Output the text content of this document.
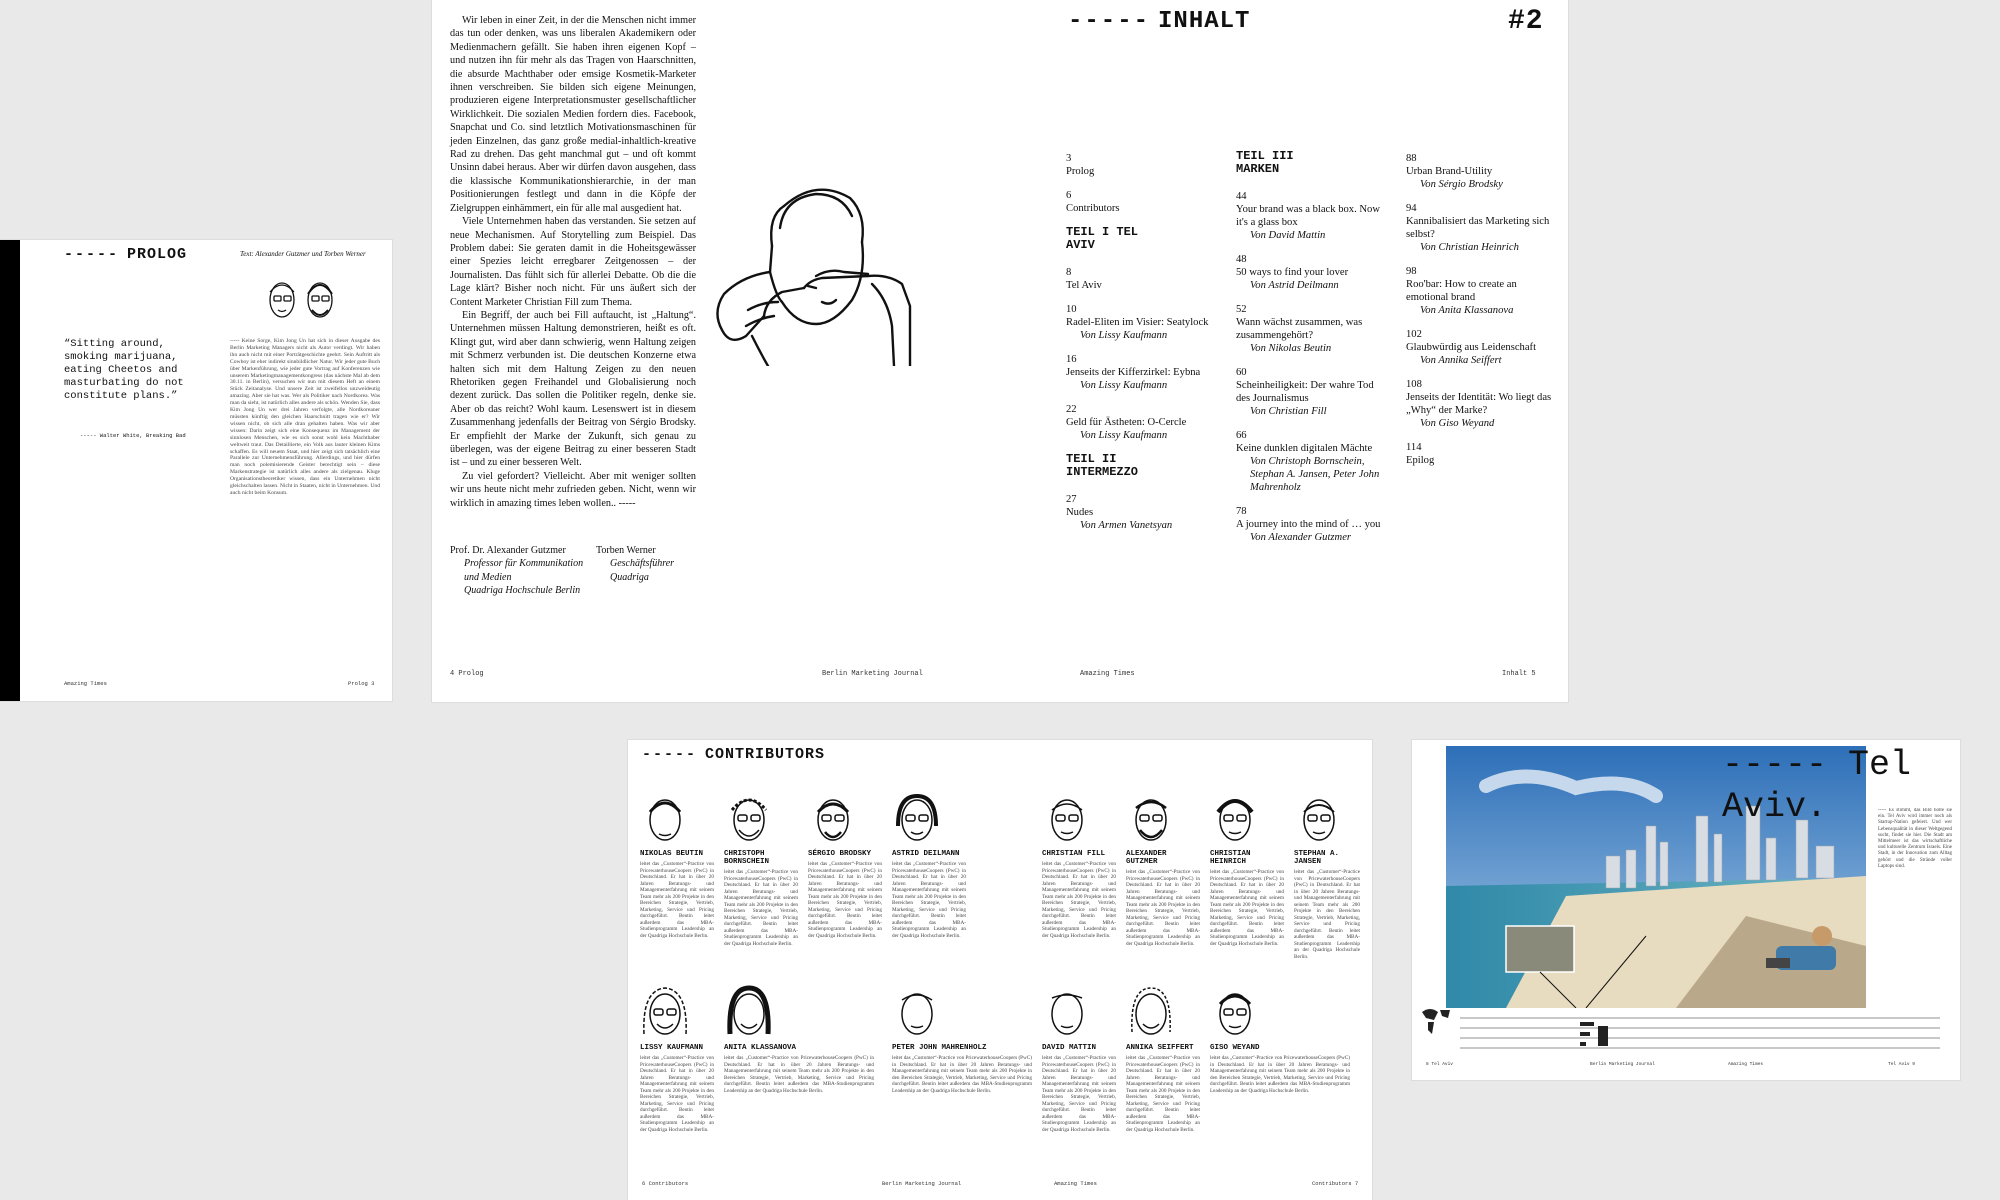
----- PROLOG	Text: Alexander Gutzmer und Torben Werner
“Sitting around, smoking marijuana, eating Cheetos and masturbating do not constitute plans.”
----- Walter White, Breaking Bad
----- Keine Sorge, Kim Jong Un hat sich in dieser Ausgabe des Berlin Marketing Managers nicht als Autor verdingt. Wir haben ihn auch nicht mit einer Porträtgeschichte geehrt. Sein Auftritt als Cowboy ist eher indirekt sinnbildlicher Natur. Wir jeder gute Buch über Markenführung, wie jeder gute Vortrag auf Konferenzen wie unserem Marketingmanagementkongress (das nächste Mal ab dem 30.11. in Berlin), versuchen wir nun mit diesem Heft an einem Stück Zeitanalyse. Und unsere Zeit ist zweifellos unzweideutig amazing. Aber sie hat was. Wer als Politiker nach Nordkorea. Was man da sieht, ist natürlich alles andere als schön. Wenden Sie, dass Kim Jong Un wer drei Jahren verfolgte, alle Nordkoreaner müssten künftig den gleichen Haarschnitt tragen wie er? Wir wissen nicht, ob sich alle dran gehalten haben. Was wir aber wissen: Darin zeigt sich eine Konsequenz im Management der sinnlosen Menschen, wie es sich sonst wohl kein Machthaber weltweit traut. Das Detaillierte, ein Volk aus lauter kleinen Kims schaffen. Es will neuem Staat, und hier zeigt sich tatsächlich eine Parallele zur Unternehmensführung. Allerdings, und hier dürfen man noch polemisierende Geister berechtigt sein – diese Markenstrategie ist natürlich alles andere als zielgenau. Kluge Organisationstheoretiker wissen, dass ein Unternehmen nicht gleichschalten lassen. Nicht in Staaten, nicht in Unternehmen. Und auch nicht beim Konsum.
Amazing Times	Prolog 3

Wir leben in einer Zeit, in der die Menschen nicht immer das tun oder denken, was uns liberalen Akademikern oder Medienmachern gefällt. Sie haben ihren eigenen Kopf – und nutzen ihn für mehr als das Tragen von Haarschnitten, die absurde Machthaber oder emsige Kosmetik-Marketer ihnen verschreiben. Sie bilden sich eigene Meinungen, produzieren eigene Interpretationsmuster gesellschaftlicher Wirklichkeit. Die sozialen Medien fordern dies. Facebook, Snapchat und Co. sind letztlich Motivationsmaschinen für jeden Einzelnen, das ganz große medial-inhaltlich-kreative Rad zu drehen. Das geht manchmal gut – und oft kommt Unsinn dabei heraus. Aber wir dürfen davon ausgehen, dass die klassische Kommunikationshierarchie, in der man Positionierungen festlegt und dann in die Köpfe der Zielgruppen einhämmert, ein für alle mal ausgedient hat.

Viele Unternehmen haben das verstanden. Sie setzen auf neue Mechanismen. Auf Storytelling zum Beispiel. Das Problem dabei: Sie geraten damit in die Hoheitsgewässer einer Spezies leicht erregbarer Zeitgenossen – der Journalisten. Das fühlt sich für allerlei Debatte. Ob die die Lage klärt? Bisher noch nicht. Für uns äußert sich der Content Marketer Christian Fill zum Thema.

Ein Begriff, der auch bei Fill auftaucht, ist „Haltung“. Unternehmen müssen Haltung demonstrieren, heißt es oft. Klingt gut, wird aber dann schwierig, wenn Haltung zeigen mit Schmerz verbunden ist. Die deutschen Konzerne etwa halten sich mit dem Haltung Zeigen zu den neuen Rhetoriken gegen Freihandel und Globalisierung noch dezent zurück. Das sollen die Politiker regeln, denke sie. Aber ob das reicht? Wohl kaum. Lesenswert ist in diesem Zusammenhang jedenfalls der Beitrag von Sérgio Brodsky. Er empfiehlt der Marke der Zukunft, sich genau zu überlegen, was der eigene Beitrag zu einer besseren Stadt ist – und zu einer besseren Welt.

Zu viel gefordert? Vielleicht. Aber mit weniger sollten wir uns heute nicht mehr zufrieden geben. Nicht, wenn wir wirklich in amazing times leben wollen.. -----

Prof. Dr. Alexander Gutzmer
Professor für Kommunikation und Medien
Quadriga Hochschule Berlin
Torben Werner
Geschäftsführer
Quadriga
4 Prolog	Berlin Marketing Journal
----- INHALT	#2
3
Prolog
6
Contributors
TEIL I TEL AVIV
8
Tel Aviv
10
Radel-Eliten im Visier: Seatylock
Von Lissy Kaufmann
16
Jenseits der Kifferzirkel: Eybna
Von Lissy Kaufmann
22
Geld für Ästheten: O-Cercle
Von Lissy Kaufmann
TEIL II INTERMEZZO
27
Nudes
Von Armen Vanetsyan
TEIL III MARKEN
44
Your brand was a black box. Now it's a glass box
Von David Mattin
48
50 ways to find your lover
Von Astrid Deilmann
52
Wann wächst zusammen, was zusammengehört?
Von Nikolas Beutin
60
Scheinheiligkeit: Der wahre Tod des Journalismus
Von Christian Fill
66
Keine dunklen digitalen Mächte
Von Christoph Bornschein, Stephan A. Jansen, Peter John Mahrenholz
78
A journey into the mind of … you
Von Alexander Gutzmer
88
Urban Brand-Utility
Von Sérgio Brodsky
94
Kannibalisiert das Marketing sich selbst?
Von Christian Heinrich
98
Roo'bar: How to create an emotional brand
Von Anita Klassanova
102
Glaubwürdig aus Leidenschaft
Von Annika Seiffert
108
Jenseits der Identität: Wo liegt das „Why“ der Marke?
Von Giso Weyand
114
Epilog
Amazing Times	Inhalt 5
----- CONTRIBUTORS
NIKOLAS BEUTIN
leitet das „Customer“-Practice von PricewaterhouseCoopers (PwC) in Deutschland. Er hat in über 20 Jahren Beratungs- und Managementerfahrung mit seinem Team mehr als 200 Projekte in den Bereichen Strategie, Vertrieb, Marketing, Service und Pricing durchgeführt. Beutin leitet außerdem das MBA-Studienprogramm Leadership an der Quadriga Hochschule Berlin.
CHRISTOPH BORNSCHEIN
leitet das „Customer“-Practice von PricewaterhouseCoopers (PwC) in Deutschland. Er hat in über 20 Jahren Beratungs- und Managementerfahrung mit seinem Team mehr als 200 Projekte in den Bereichen Strategie, Vertrieb, Marketing, Service und Pricing durchgeführt. Beutin leitet außerdem das MBA-Studienprogramm Leadership an der Quadriga Hochschule Berlin.
SÉRGIO BRODSKY
leitet das „Customer“-Practice von PricewaterhouseCoopers (PwC) in Deutschland. Er hat in über 20 Jahren Beratungs- und Managementerfahrung mit seinem Team mehr als 200 Projekte in den Bereichen Strategie, Vertrieb, Marketing, Service und Pricing durchgeführt. Beutin leitet außerdem das MBA-Studienprogramm Leadership an der Quadriga Hochschule Berlin.
ASTRID DEILMANN
leitet das „Customer“-Practice von PricewaterhouseCoopers (PwC) in Deutschland. Er hat in über 20 Jahren Beratungs- und Managementerfahrung mit seinem Team mehr als 200 Projekte in den Bereichen Strategie, Vertrieb, Marketing, Service und Pricing durchgeführt. Beutin leitet außerdem das MBA-Studienprogramm Leadership an der Quadriga Hochschule Berlin.
CHRISTIAN FILL
leitet das „Customer“-Practice von PricewaterhouseCoopers (PwC) in Deutschland. Er hat in über 20 Jahren Beratungs- und Managementerfahrung mit seinem Team mehr als 200 Projekte in den Bereichen Strategie, Vertrieb, Marketing, Service und Pricing durchgeführt. Beutin leitet außerdem das MBA-Studienprogramm Leadership an der Quadriga Hochschule Berlin.
ALEXANDER GUTZMER
leitet das „Customer“-Practice von PricewaterhouseCoopers (PwC) in Deutschland. Er hat in über 20 Jahren Beratungs- und Managementerfahrung mit seinem Team mehr als 200 Projekte in den Bereichen Strategie, Vertrieb, Marketing, Service und Pricing durchgeführt. Beutin leitet außerdem das MBA-Studienprogramm Leadership an der Quadriga Hochschule Berlin.
CHRISTIAN HEINRICH
leitet das „Customer“-Practice von PricewaterhouseCoopers (PwC) in Deutschland. Er hat in über 20 Jahren Beratungs- und Managementerfahrung mit seinem Team mehr als 200 Projekte in den Bereichen Strategie, Vertrieb, Marketing, Service und Pricing durchgeführt. Beutin leitet außerdem das MBA-Studienprogramm Leadership an der Quadriga Hochschule Berlin.
STEPHAN A. JANSEN
leitet das „Customer“-Practice von PricewaterhouseCoopers (PwC) in Deutschland. Er hat in über 20 Jahren Beratungs- und Managementerfahrung mit seinem Team mehr als 200 Projekte in den Bereichen Strategie, Vertrieb, Marketing, Service und Pricing durchgeführt. Beutin leitet außerdem das MBA-Studienprogramm Leadership an der Quadriga Hochschule Berlin.
LISSY KAUFMANN
leitet das „Customer“-Practice von PricewaterhouseCoopers (PwC) in Deutschland. Er hat in über 20 Jahren Beratungs- und Managementerfahrung mit seinem Team mehr als 200 Projekte in den Bereichen Strategie, Vertrieb, Marketing, Service und Pricing durchgeführt. Beutin leitet außerdem das MBA-Studienprogramm Leadership an der Quadriga Hochschule Berlin.
ANITA KLASSANOVA
leitet das „Customer“-Practice von PricewaterhouseCoopers (PwC) in Deutschland. Er hat in über 20 Jahren Beratungs- und Managementerfahrung mit seinem Team mehr als 200 Projekte in den Bereichen Strategie, Vertrieb, Marketing, Service und Pricing durchgeführt. Beutin leitet außerdem das MBA-Studienprogramm Leadership an der Quadriga Hochschule Berlin.
PETER JOHN MAHRENHOLZ
leitet das „Customer“-Practice von PricewaterhouseCoopers (PwC) in Deutschland. Er hat in über 20 Jahren Beratungs- und Managementerfahrung mit seinem Team mehr als 200 Projekte in den Bereichen Strategie, Vertrieb, Marketing, Service und Pricing durchgeführt. Beutin leitet außerdem das MBA-Studienprogramm Leadership an der Quadriga Hochschule Berlin.
DAVID MATTIN
leitet das „Customer“-Practice von PricewaterhouseCoopers (PwC) in Deutschland. Er hat in über 20 Jahren Beratungs- und Managementerfahrung mit seinem Team mehr als 200 Projekte in den Bereichen Strategie, Vertrieb, Marketing, Service und Pricing durchgeführt. Beutin leitet außerdem das MBA-Studienprogramm Leadership an der Quadriga Hochschule Berlin.
ANNIKA SEIFFERT
leitet das „Customer“-Practice von PricewaterhouseCoopers (PwC) in Deutschland. Er hat in über 20 Jahren Beratungs- und Managementerfahrung mit seinem Team mehr als 200 Projekte in den Bereichen Strategie, Vertrieb, Marketing, Service und Pricing durchgeführt. Beutin leitet außerdem das MBA-Studienprogramm Leadership an der Quadriga Hochschule Berlin.
GISO WEYAND
leitet das „Customer“-Practice von PricewaterhouseCoopers (PwC) in Deutschland. Er hat in über 20 Jahren Beratungs- und Managementerfahrung mit seinem Team mehr als 200 Projekte in den Bereichen Strategie, Vertrieb, Marketing, Service und Pricing durchgeführt. Beutin leitet außerdem das MBA-Studienprogramm Leadership an der Quadriga Hochschule Berlin.
6 Contributors	Berlin Marketing Journal	Amazing Times	Contributors 7
----- Tel Aviv.	----- Es stimmt, das Bild holte sie ein. Tel Aviv wird immer noch als Startup-Nation gefeiert. Und wer Lebensqualität in dieser Weltgegend sucht, findet sie hier. Die Stadt am Mittelmeer ist das wirtschaftliche und kulturelle Zentrum Israels. Eine Stadt, in der Innovation zum Alltag gehört und die Strände voller Laptops sind.
8 Tel Aviv	Berlin Marketing Journal	Amazing Times	Tel Aviv 9
